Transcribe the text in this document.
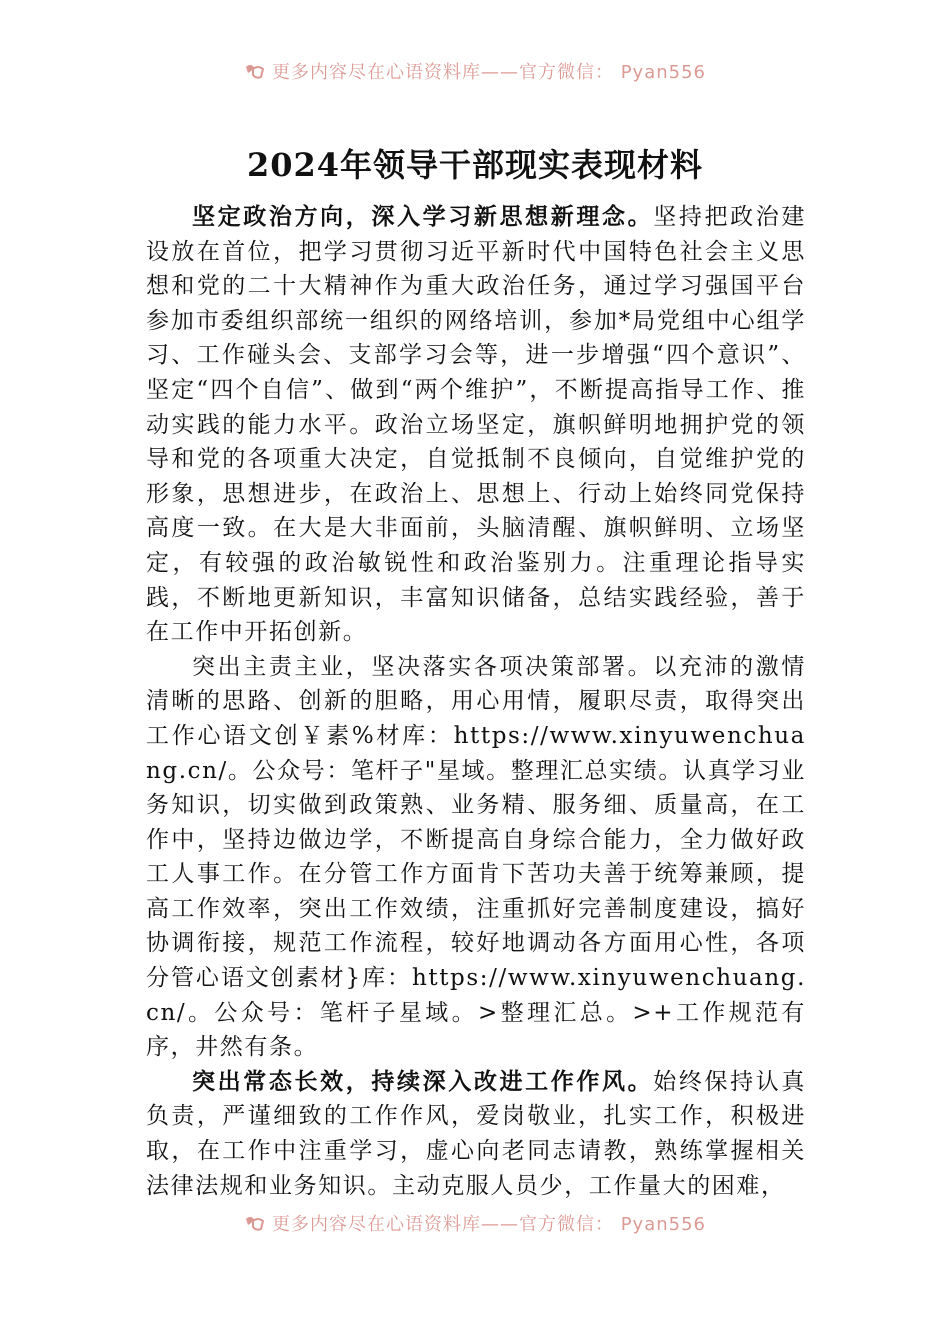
更多内容尽在心语资料库——官方微信： Pyan556
2024年领导干部现实表现材料

坚定政治方向，深入学习新思想新理念。坚持把政治建设放在首位，把学习贯彻习近平新时代中国特色社会主义思想和党的二十大精神作为重大政治任务，通过学习强国平台参加市委组织部统一组织的网络培训，参加*局党组中心组学习、工作碰头会、支部学习会等，进一步增强“四个意识”、坚定“四个自信”、做到“两个维护”，不断提高指导工作、推动实践的能力水平。政治立场坚定，旗帜鲜明地拥护党的领导和党的各项重大决定，自觉抵制不良倾向，自觉维护党的形象，思想进步，在政治上、思想上、行动上始终同党保持高度一致。在大是大非面前，头脑清醒、旗帜鲜明、立场坚定，有较强的政治敏锐性和政治鉴别力。注重理论指导实践，不断地更新知识，丰富知识储备，总结实践经验，善于在工作中开拓创新。

突出主责主业，坚决落实各项决策部署。以充沛的激情清晰的思路、创新的胆略，用心用情，履职尽责，取得突出工作心语文创￥素%材库：https://www.xinyuwenchuang.cn/。公众号：笔杆子"星域。整理汇总实绩。认真学习业务知识，切实做到政策熟、业务精、服务细、质量高，在工作中，坚持边做边学，不断提高自身综合能力，全力做好政工人事工作。在分管工作方面肯下苦功夫善于统筹兼顾，提高工作效率，突出工作效绩，注重抓好完善制度建设，搞好协调衔接，规范工作流程，较好地调动各方面用心性，各项分管心语文创素材}库：https://www.xinyuwenchuang.cn/。公众号：笔杆子星域。>整理汇总。>+工作规范有序，井然有条。

突出常态长效，持续深入改进工作作风。始终保持认真负责，严谨细致的工作作风，爱岗敬业，扎实工作，积极进取，在工作中注重学习，虚心向老同志请教，熟练掌握相关法律法规和业务知识。主动克服人员少，工作量大的困难，

更多内容尽在心语资料库——官方微信： Pyan556
